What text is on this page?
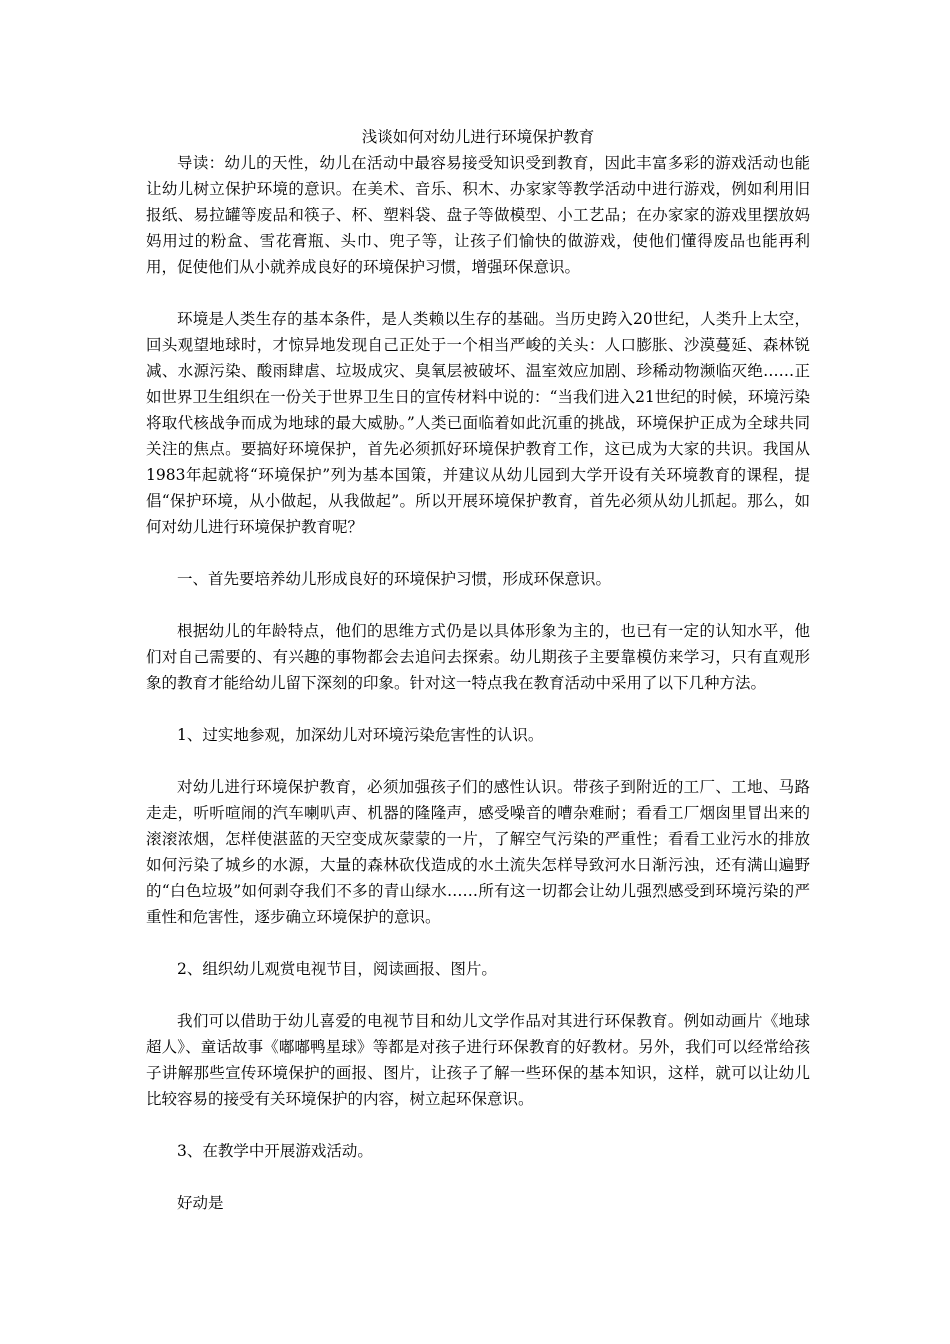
浅谈如何对幼儿进行环境保护教育

导读：幼儿的天性，幼儿在活动中最容易接受知识受到教育，因此丰富多彩的游戏活动也能让幼儿树立保护环境的意识。在美术、音乐、积木、办家家等教学活动中进行游戏，例如利用旧报纸、易拉罐等废品和筷子、杯、塑料袋、盘子等做模型、小工艺品；在办家家的游戏里摆放妈妈用过的粉盒、雪花膏瓶、头巾、兜子等，让孩子们愉快的做游戏，使他们懂得废品也能再利用，促使他们从小就养成良好的环境保护习惯，增强环保意识。

环境是人类生存的基本条件，是人类赖以生存的基础。当历史跨入20世纪，人类升上太空，回头观望地球时，才惊异地发现自己正处于一个相当严峻的关头：人口膨胀、沙漠蔓延、森林锐减、水源污染、酸雨肆虐、垃圾成灾、臭氧层被破坏、温室效应加剧、珍稀动物濒临灭绝……正如世界卫生组织在一份关于世界卫生日的宣传材料中说的：“当我们进入21世纪的时候，环境污染将取代核战争而成为地球的最大威胁。”人类已面临着如此沉重的挑战，环境保护正成为全球共同关注的焦点。要搞好环境保护，首先必须抓好环境保护教育工作，这已成为大家的共识。我国从1983年起就将“环境保护”列为基本国策，并建议从幼儿园到大学开设有关环境教育的课程，提倡“保护环境，从小做起，从我做起”。所以开展环境保护教育，首先必须从幼儿抓起。那么，如何对幼儿进行环境保护教育呢？

一、首先要培养幼儿形成良好的环境保护习惯，形成环保意识。

根据幼儿的年龄特点，他们的思维方式仍是以具体形象为主的，也已有一定的认知水平，他们对自己需要的、有兴趣的事物都会去追问去探索。幼儿期孩子主要靠模仿来学习，只有直观形象的教育才能给幼儿留下深刻的印象。针对这一特点我在教育活动中采用了以下几种方法。

1、过实地参观，加深幼儿对环境污染危害性的认识。

对幼儿进行环境保护教育，必须加强孩子们的感性认识。带孩子到附近的工厂、工地、马路走走，听听喧闹的汽车喇叭声、机器的隆隆声，感受噪音的嘈杂难耐；看看工厂烟囱里冒出来的滚滚浓烟，怎样使湛蓝的天空变成灰蒙蒙的一片，了解空气污染的严重性；看看工业污水的排放如何污染了城乡的水源，大量的森林砍伐造成的水土流失怎样导致河水日渐污浊，还有满山遍野的“白色垃圾”如何剥夺我们不多的青山绿水……所有这一切都会让幼儿强烈感受到环境污染的严重性和危害性，逐步确立环境保护的意识。

2、组织幼儿观赏电视节目，阅读画报、图片。

我们可以借助于幼儿喜爱的电视节目和幼儿文学作品对其进行环保教育。例如动画片《地球超人》、童话故事《嘟嘟鸭星球》等都是对孩子进行环保教育的好教材。另外，我们可以经常给孩子讲解那些宣传环境保护的画报、图片，让孩子了解一些环保的基本知识，这样，就可以让幼儿比较容易的接受有关环境保护的内容，树立起环保意识。

3、在教学中开展游戏活动。

好动是
